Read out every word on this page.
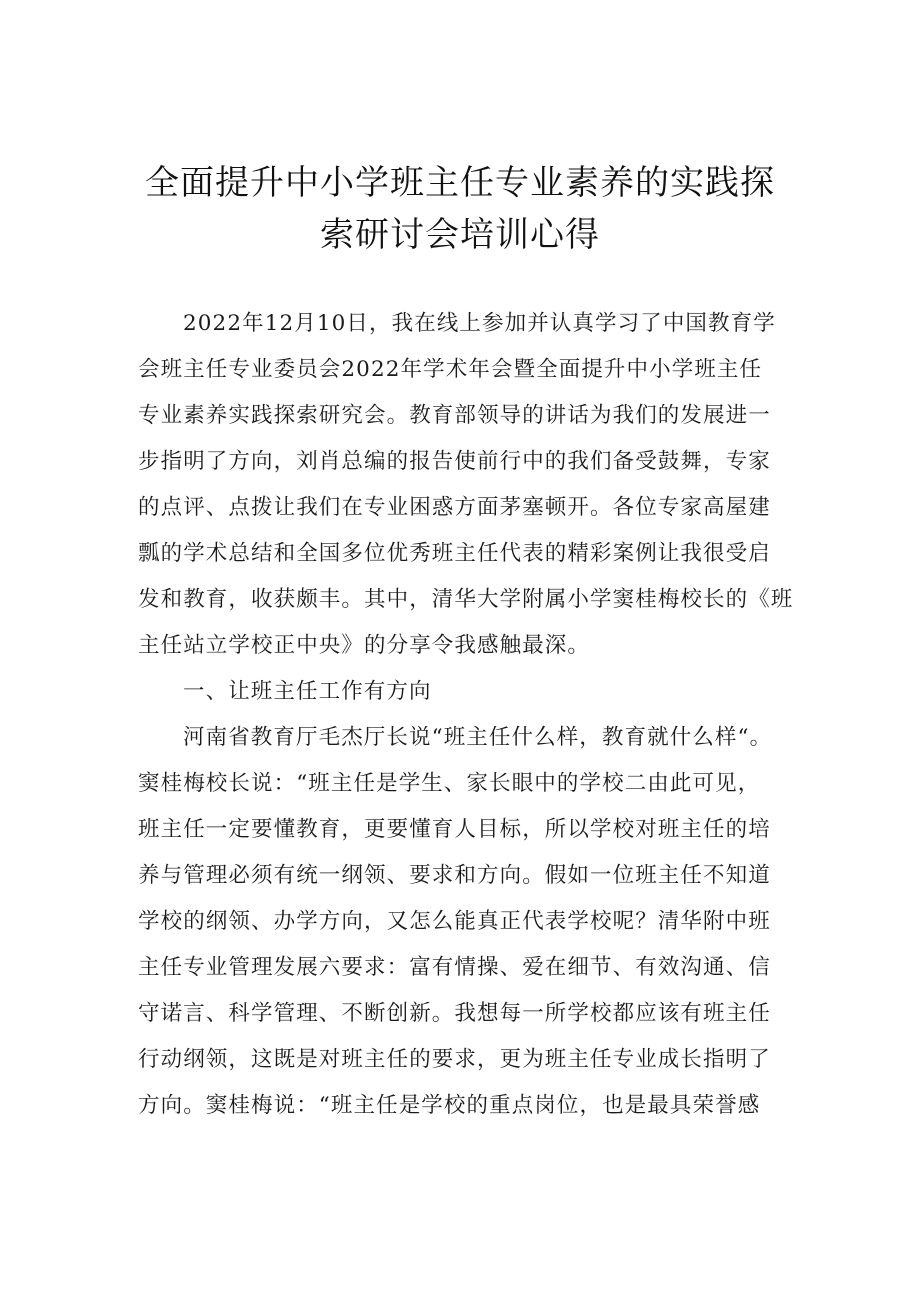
全面提升中小学班主任专业素养的实践探
索研讨会培训心得
2022年12月10日，我在线上参加并认真学习了中国教育学
会班主任专业委员会2022年学术年会暨全面提升中小学班主任
专业素养实践探索研究会。教育部领导的讲话为我们的发展进一
步指明了方向，刘肖总编的报告使前行中的我们备受鼓舞，专家
的点评、点拨让我们在专业困惑方面茅塞顿开。各位专家高屋建
瓢的学术总结和全国多位优秀班主任代表的精彩案例让我很受启
发和教育，收获颇丰。其中，清华大学附属小学窦桂梅校长的《班
主任站立学校正中央》的分享令我感触最深。
一、让班主任工作有方向
河南省教育厅毛杰厅长说“班主任什么样，教育就什么样“。
窦桂梅校长说：“班主任是学生、家长眼中的学校二由此可见，
班主任一定要懂教育，更要懂育人目标，所以学校对班主任的培
养与管理必须有统一纲领、要求和方向。假如一位班主任不知道
学校的纲领、办学方向，又怎么能真正代表学校呢？清华附中班
主任专业管理发展六要求：富有情操、爱在细节、有效沟通、信
守诺言、科学管理、不断创新。我想每一所学校都应该有班主任
行动纲领，这既是对班主任的要求，更为班主任专业成长指明了
方向。窦桂梅说：“班主任是学校的重点岗位，也是最具荣誉感
